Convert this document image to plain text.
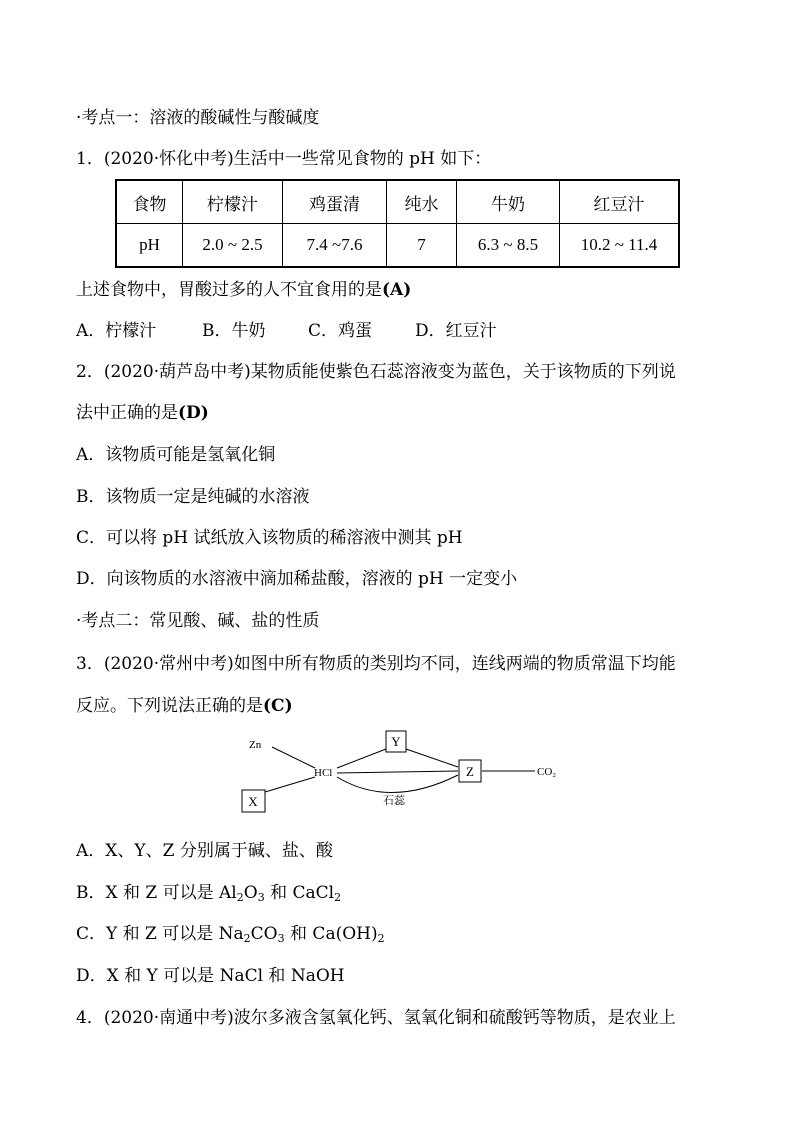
·考点一：溶液的酸碱性与酸碱度
1．(2020·怀化中考)生活中一些常见食物的 pH 如下：
食物	柠檬汁	鸡蛋清	纯水	牛奶	红豆汁
pH	2.0 ~ 2.5	7.4 ~7.6	7	6.3 ~ 8.5	10.2 ~ 11.4
上述食物中，胃酸过多的人不宜食用的是(A)
A．柠檬汁	B．牛奶	C．鸡蛋	D．红豆汁
2．(2020·葫芦岛中考)某物质能使紫色石蕊溶液变为蓝色，关于该物质的下列说
法中正确的是(D)
A．该物质可能是氢氧化铜
B．该物质一定是纯碱的水溶液
C．可以将 pH 试纸放入该物质的稀溶液中测其 pH
D．向该物质的水溶液中滴加稀盐酸，溶液的 pH 一定变小
·考点二：常见酸、碱、盐的性质
3．(2020·常州中考)如图中所有物质的类别均不同，连线两端的物质常温下均能
反应。下列说法正确的是(C)
Zn
HCl	CO₂
石蕊
Y
Z
X
A．X、Y、Z 分别属于碱、盐、酸
B．X 和 Z 可以是 $Al_2O_3$ 和 CaCl$_2$
C．Y 和 Z 可以是 $Na_2CO_3$ 和 $Ca(OH)_2$
D．X 和 Y 可以是 NaCl 和 NaOH
4．(2020·南通中考)波尔多液含氢氧化钙、氢氧化铜和硫酸钙等物质，是农业上
